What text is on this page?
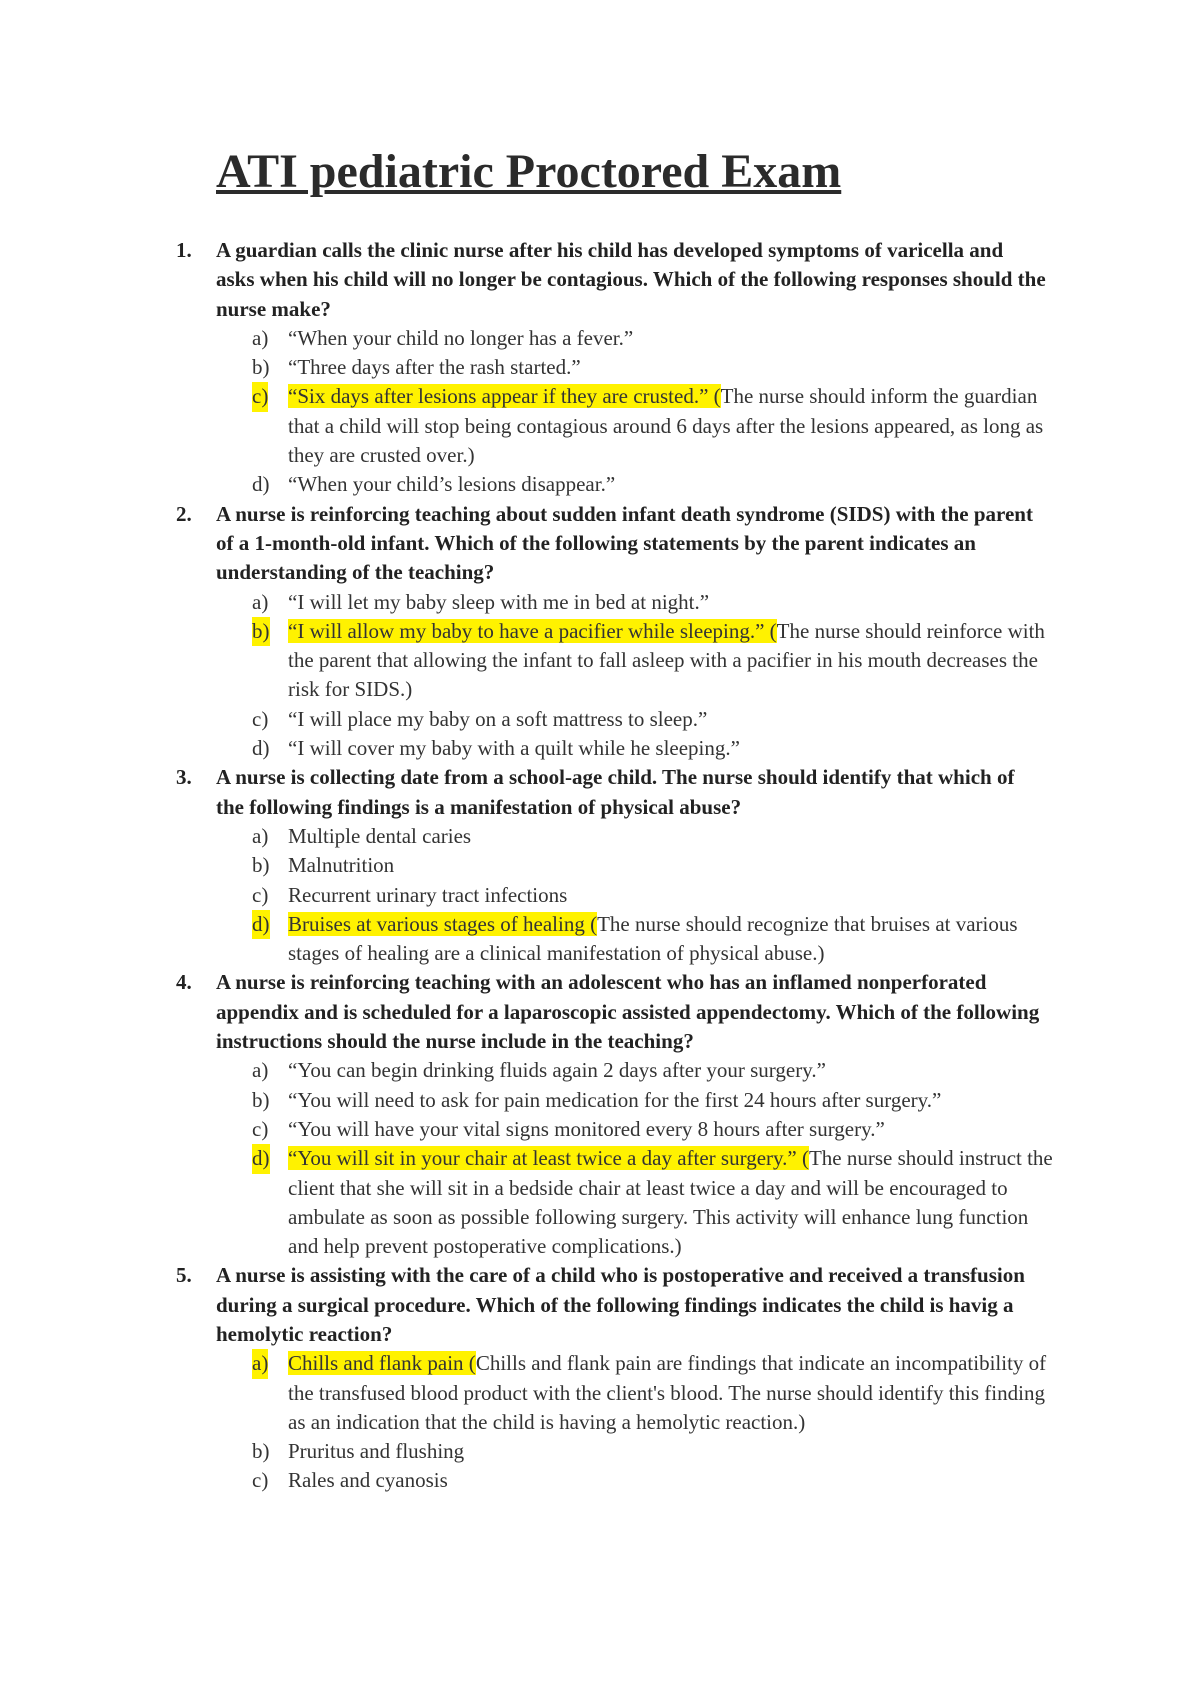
ATI pediatric Proctored Exam
1.	A guardian calls the clinic nurse after his child has developed symptoms of varicella and asks when his child will no longer be contagious. Which of the following responses should the nurse make?
a) “When your child no longer has a fever.”
b) “Three days after the rash started.”
c) “Six days after lesions appear if they are crusted.” (The nurse should inform the guardian that a child will stop being contagious around 6 days after the lesions appeared, as long as they are crusted over.)
d) “When your child’s lesions disappear.”
2.	A nurse is reinforcing teaching about sudden infant death syndrome (SIDS) with the parent of a 1-month-old infant. Which of the following statements by the parent indicates an understanding of the teaching?
a) “I will let my baby sleep with me in bed at night.”
b) “I will allow my baby to have a pacifier while sleeping.” (The nurse should reinforce with the parent that allowing the infant to fall asleep with a pacifier in his mouth decreases the risk for SIDS.)
c) “I will place my baby on a soft mattress to sleep.”
d) “I will cover my baby with a quilt while he sleeping.”
3.	A nurse is collecting date from a school-age child. The nurse should identify that which of the following findings is a manifestation of physical abuse?
a) Multiple dental caries
b) Malnutrition
c) Recurrent urinary tract infections
d) Bruises at various stages of healing (The nurse should recognize that bruises at various stages of healing are a clinical manifestation of physical abuse.)
4.	A nurse is reinforcing teaching with an adolescent who has an inflamed nonperforated appendix and is scheduled for a laparoscopic assisted appendectomy. Which of the following instructions should the nurse include in the teaching?
a) “You can begin drinking fluids again 2 days after your surgery.”
b) “You will need to ask for pain medication for the first 24 hours after surgery.”
c) “You will have your vital signs monitored every 8 hours after surgery.”
d) “You will sit in your chair at least twice a day after surgery.” (The nurse should instruct the client that she will sit in a bedside chair at least twice a day and will be encouraged to ambulate as soon as possible following surgery. This activity will enhance lung function and help prevent postoperative complications.)
5.	A nurse is assisting with the care of a child who is postoperative and received a transfusion during a surgical procedure. Which of the following findings indicates the child is havig a hemolytic reaction?
a) Chills and flank pain (Chills and flank pain are findings that indicate an incompatibility of the transfused blood product with the client's blood. The nurse should identify this finding as an indication that the child is having a hemolytic reaction.)
b) Pruritus and flushing
c) Rales and cyanosis
